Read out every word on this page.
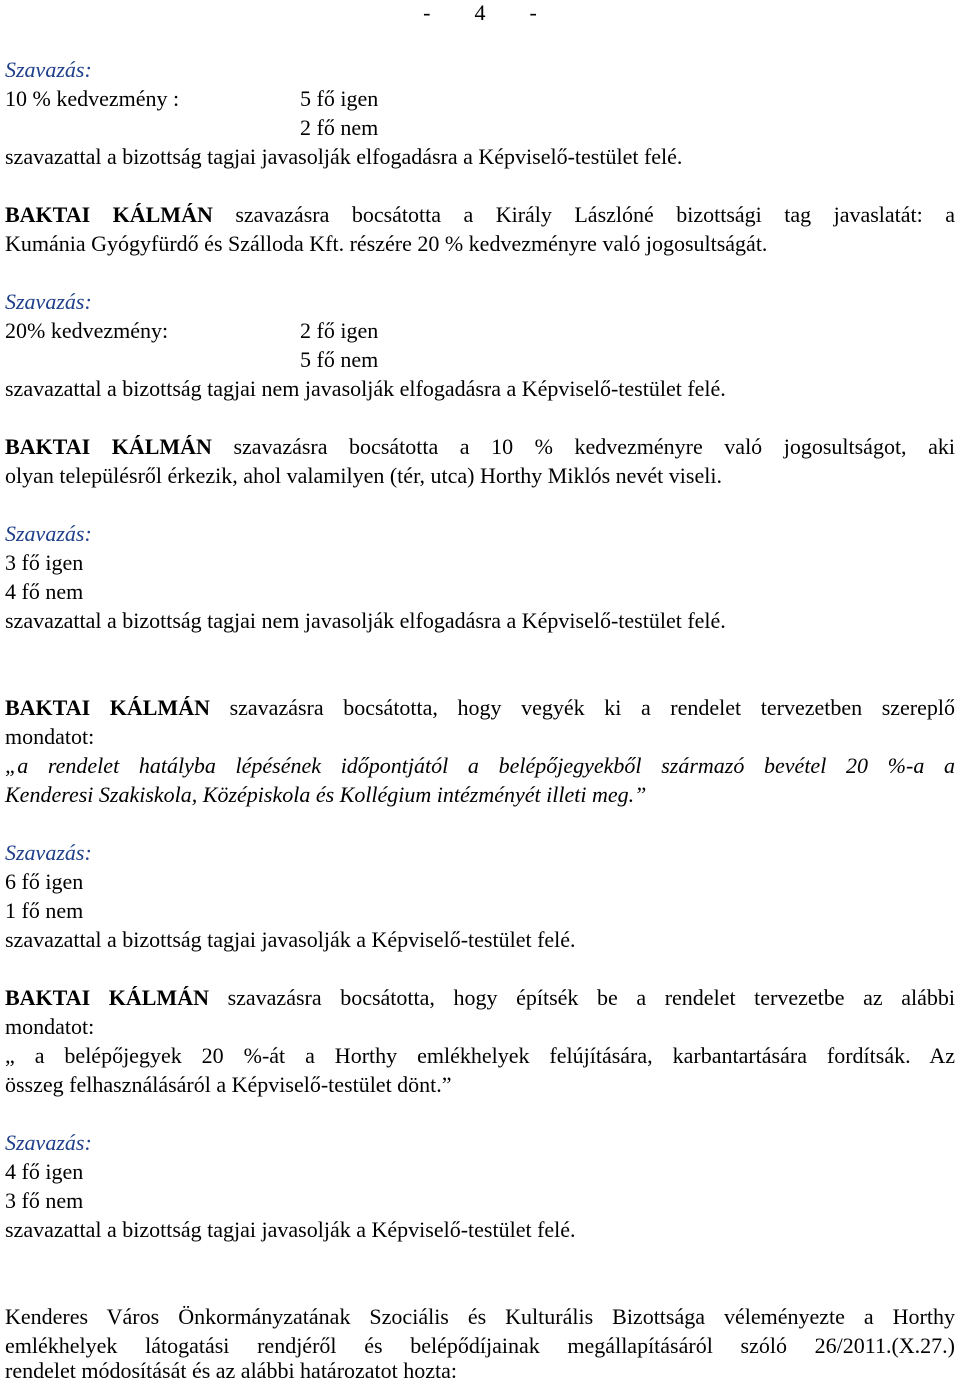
-        4        -
Szavazás:
10 % kedvezmény :	5 fő igen
2 fő nem
szavazattal a bizottság tagjai javasolják elfogadásra a Képviselő-testület felé.
BAKTAI KÁLMÁN szavazásra bocsátotta a Király Lászlóné bizottsági tag javaslatát: a
Kumánia Gyógyfürdő és Szálloda Kft. részére 20 % kedvezményre való jogosultságát.
Szavazás:
20% kedvezmény:	2 fő igen
5 fő nem
szavazattal a bizottság tagjai nem javasolják elfogadásra a Képviselő-testület felé.
BAKTAI KÁLMÁN szavazásra bocsátotta a 10 % kedvezményre való jogosultságot, aki
olyan településről érkezik, ahol valamilyen (tér, utca) Horthy Miklós nevét viseli.
Szavazás:
3 fő igen
4 fő nem
szavazattal a bizottság tagjai nem javasolják elfogadásra a Képviselő-testület felé.
BAKTAI KÁLMÁN szavazásra bocsátotta, hogy vegyék ki a rendelet tervezetben szereplő
mondatot:
„a rendelet hatályba lépésének időpontjától a belépőjegyekből származó bevétel 20 %-a a
Kenderesi Szakiskola, Középiskola és Kollégium intézményét illeti meg.”
Szavazás:
6 fő igen
1 fő nem
szavazattal a bizottság tagjai javasolják a Képviselő-testület felé.
BAKTAI KÁLMÁN szavazásra bocsátotta, hogy építsék be a rendelet tervezetbe az alábbi
mondatot:
„ a belépőjegyek 20 %-át a Horthy emlékhelyek felújítására, karbantartására fordítsák. Az
összeg felhasználásáról a Képviselő-testület dönt.”
Szavazás:
4 fő igen
3 fő nem
szavazattal a bizottság tagjai javasolják a Képviselő-testület felé.
Kenderes Város Önkormányzatának Szociális és Kulturális Bizottsága véleményezte a Horthy
emlékhelyek látogatási rendjéről és belépődíjainak megállapításáról szóló 26/2011.(X.27.)
rendelet módosítását és az alábbi határozatot hozta:
